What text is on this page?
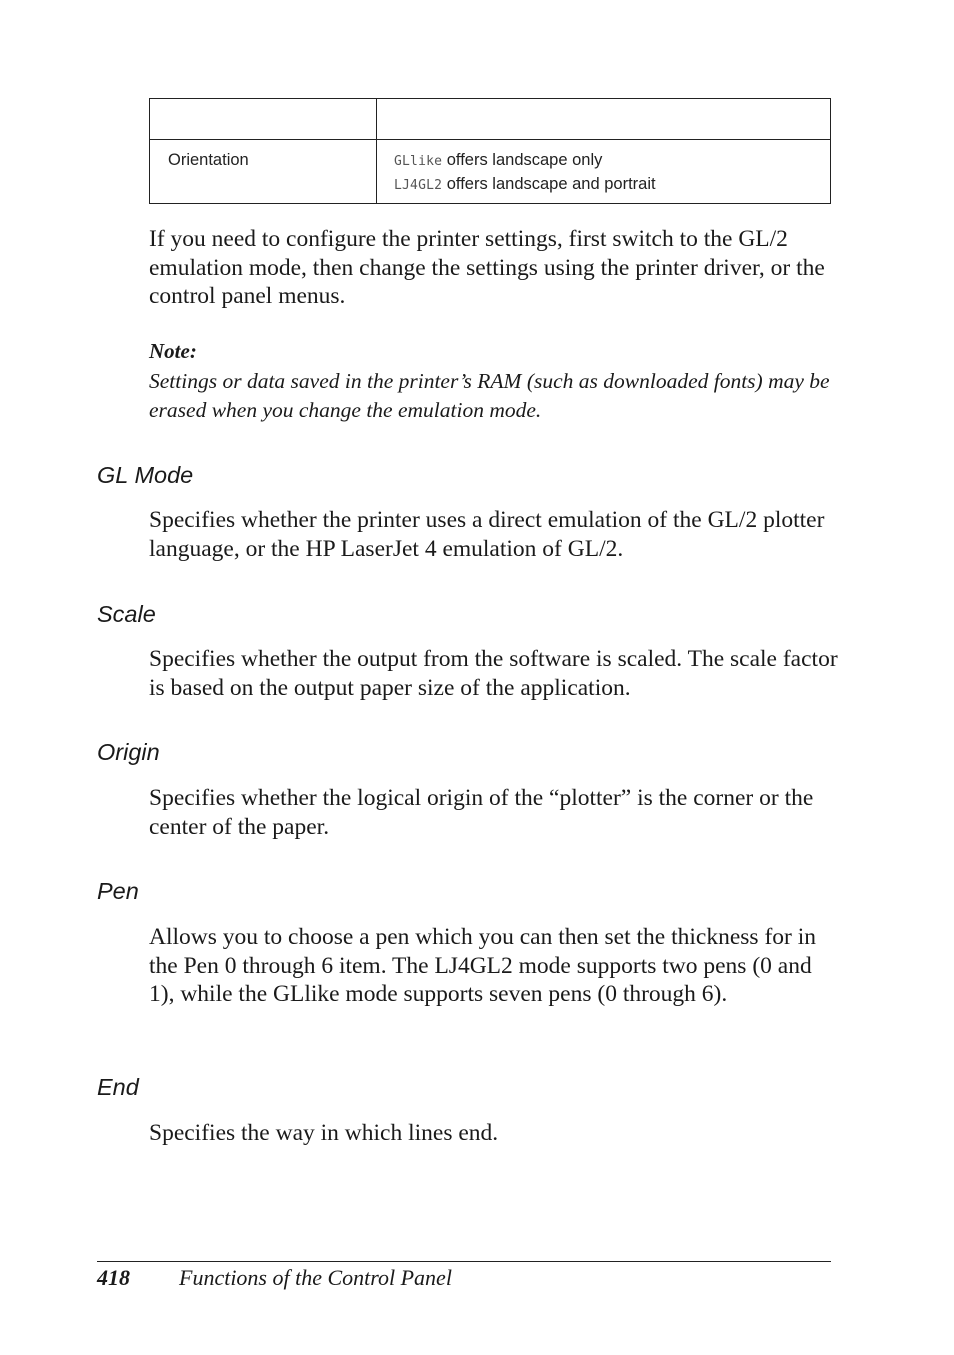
Orientation	GLlike offers landscape only
LJ4GL2 offers landscape and portrait

If you need to configure the printer settings, first switch to the GL/2 emulation mode, then change the settings using the printer driver, or the control panel menus.

Note:

Settings or data saved in the printer’s RAM (such as downloaded fonts) may be erased when you change the emulation mode.

GL Mode

Specifies whether the printer uses a direct emulation of the GL/2 plotter language, or the HP LaserJet 4 emulation of GL/2.

Scale

Specifies whether the output from the software is scaled. The scale factor is based on the output paper size of the application.

Origin

Specifies whether the logical origin of the “plotter” is the corner or the center of the paper.

Pen

Allows you to choose a pen which you can then set the thickness for in the Pen 0 through 6 item. The LJ4GL2 mode supports two pens (0 and 1), while the GLlike mode supports seven pens (0 through 6).

End

Specifies the way in which lines end.

418 Functions of the Control Panel
